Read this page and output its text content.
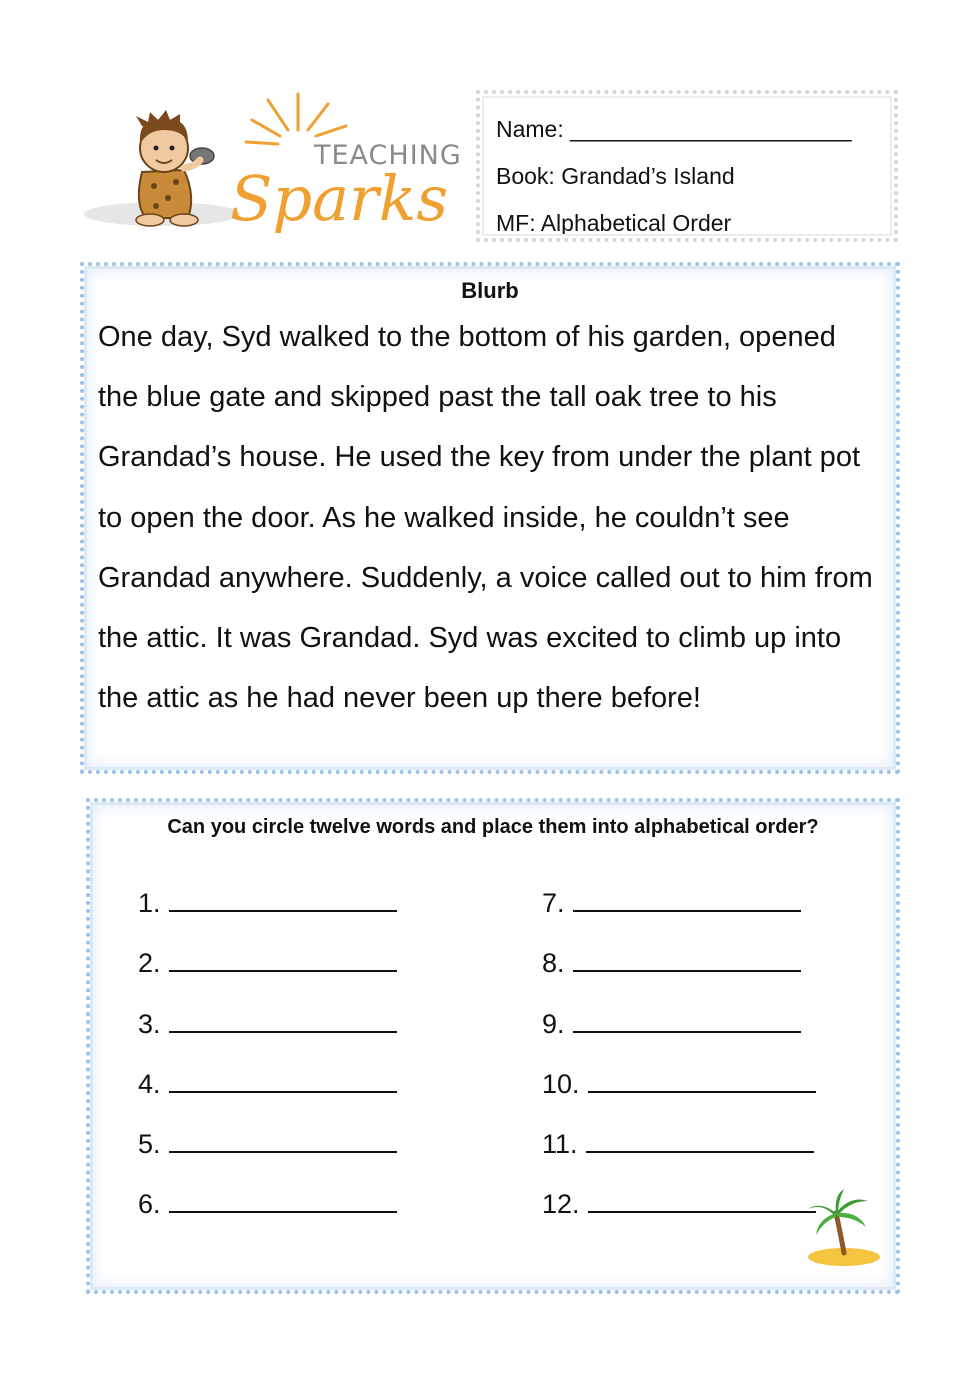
TEACHING
Sparks
Name: ______________________
Book: Grandad’s Island
MF: Alphabetical Order
Blurb
One day, Syd walked to the bottom of his garden, opened the blue gate and skipped past the tall oak tree to his Grandad’s house. He used the key from under the plant pot to open the door. As he walked inside, he couldn’t see Grandad anywhere. Suddenly, a voice called out to him from the attic. It was Grandad. Syd was excited to climb up into the attic as he had never been up there before!
Can you circle twelve words and place them into alphabetical order?
1.
2.
3.
4.
5.
6.
7.
8.
9.
10.
11.
12.
